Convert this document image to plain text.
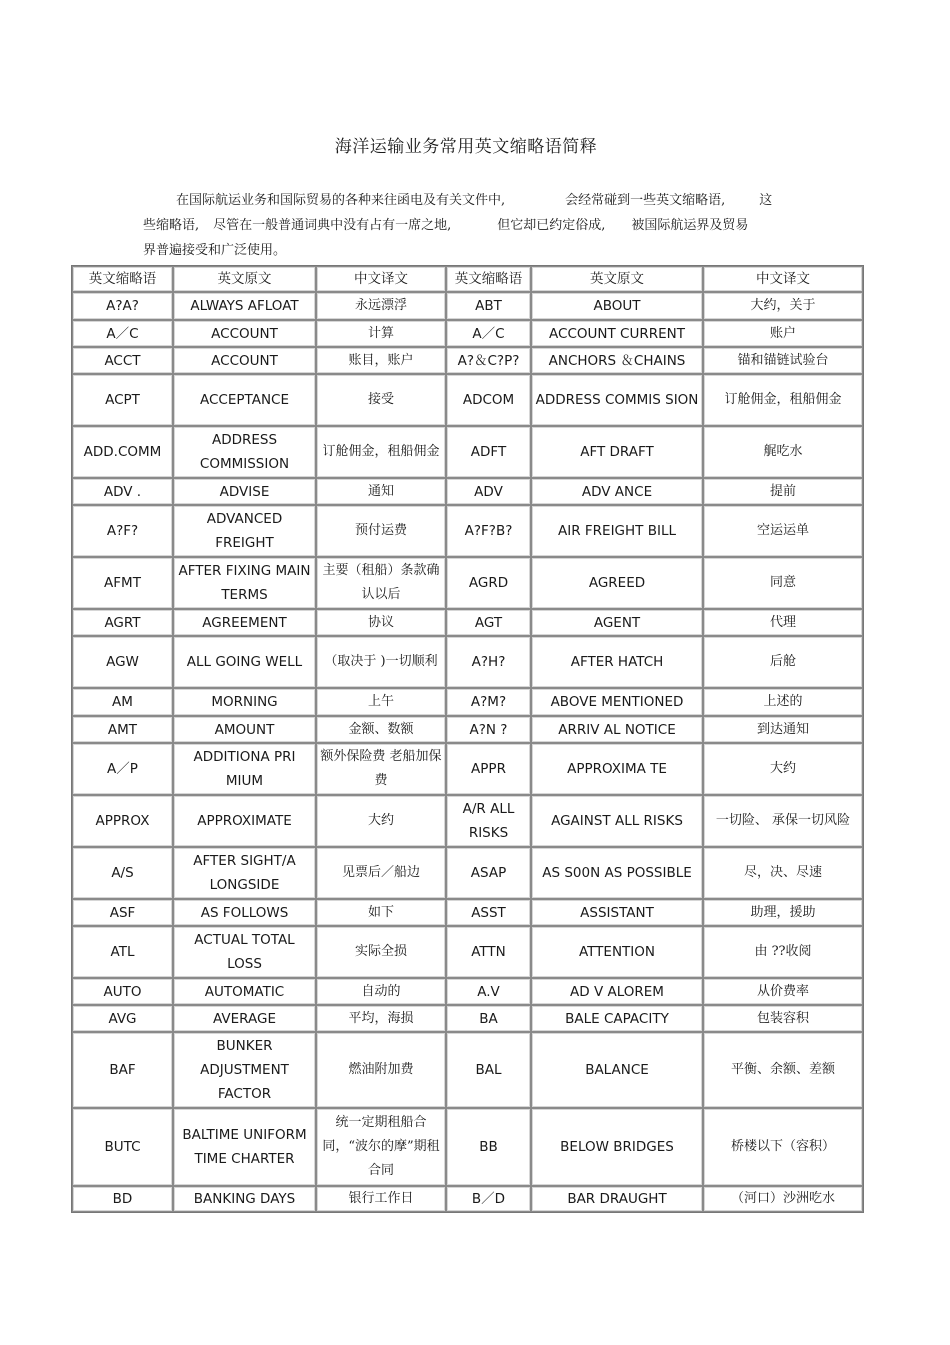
海洋运输业务常用英文缩略语简释
在国际航运业务和国际贸易的各种来往函电及有关文件中,	会经常碰到一些英文缩略语,	这
些缩略语, 尽管在一般普通词典中没有占有一席之地,	但它却已约定俗成, 被国际航运界及贸易
界普遍接受和广泛使用。
英文缩略语	英文原文	中文译文	英文缩略语	英文原文	中文译文
A?A?	ALWAYS AFLOAT	永远漂浮	ABT	ABOUT	大约，关于
A／C	ACCOUNT	计算	A／C	ACCOUNT CURRENT	账户
ACCT	ACCOUNT	账目，账户	A?＆C?P?	ANCHORS ＆CHAINS	锚和锚链试验台
ACPT	ACCEPTANCE	接受	ADCOM	ADDRESS COMMIS SION	订舱佣金，租船佣金
ADD.COMM	ADDRESS COMMISSION	订舱佣金，租船佣金	ADFT	AFT DRAFT	艉吃水
ADV .	ADVISE	通知	ADV	ADV ANCE	提前
A?F?	ADVANCED FREIGHT	预付运费	A?F?B?	AIR FREIGHT BILL	空运运单
AFMT	AFTER FIXING MAIN TERMS	主要（租船）条款确认以后	AGRD	AGREED	同意
AGRT	AGREEMENT	协议	AGT	AGENT	代理
AGW	ALL GOING WELL	（取决于 )一切顺利	A?H?	AFTER HATCH	后舱
AM	MORNING	上午	A?M?	ABOVE MENTIONED	上述的
AMT	AMOUNT	金额、数额	A?N ?	ARRIV AL NOTICE	到达通知
A／P	ADDITIONA PRI MIUM	额外保险费 老船加保费	APPR	APPROXIMA TE	大约
APPROX	APPROXIMATE	大约	A/R ALL RISKS	AGAINST ALL RISKS	一切险、 承保一切风险
A/S	AFTER SIGHT/A LONGSIDE	见票后／船边	ASAP	AS S00N AS POSSIBLE	尽，决、尽速
ASF	AS FOLLOWS	如下	ASST	ASSISTANT	助理，援助
ATL	ACTUAL TOTAL LOSS	实际全损	ATTN	ATTENTION	由 ??收阅
AUTO	AUTOMATIC	自动的	A.V	AD V ALOREM	从价费率
AVG	AVERAGE	平均，海损	BA	BALE CAPACITY	包装容积
BAF	BUNKER ADJUSTMENT FACTOR	燃油附加费	BAL	BALANCE	平衡、余额、差额
BUTC	BALTIME UNIFORM TIME CHARTER	统一定期租船合同，“波尔的摩”期租合同	BB	BELOW BRIDGES	桥楼以下（容积）
BD	BANKING DAYS	银行工作日	B／D	BAR DRAUGHT	（河口）沙洲吃水
